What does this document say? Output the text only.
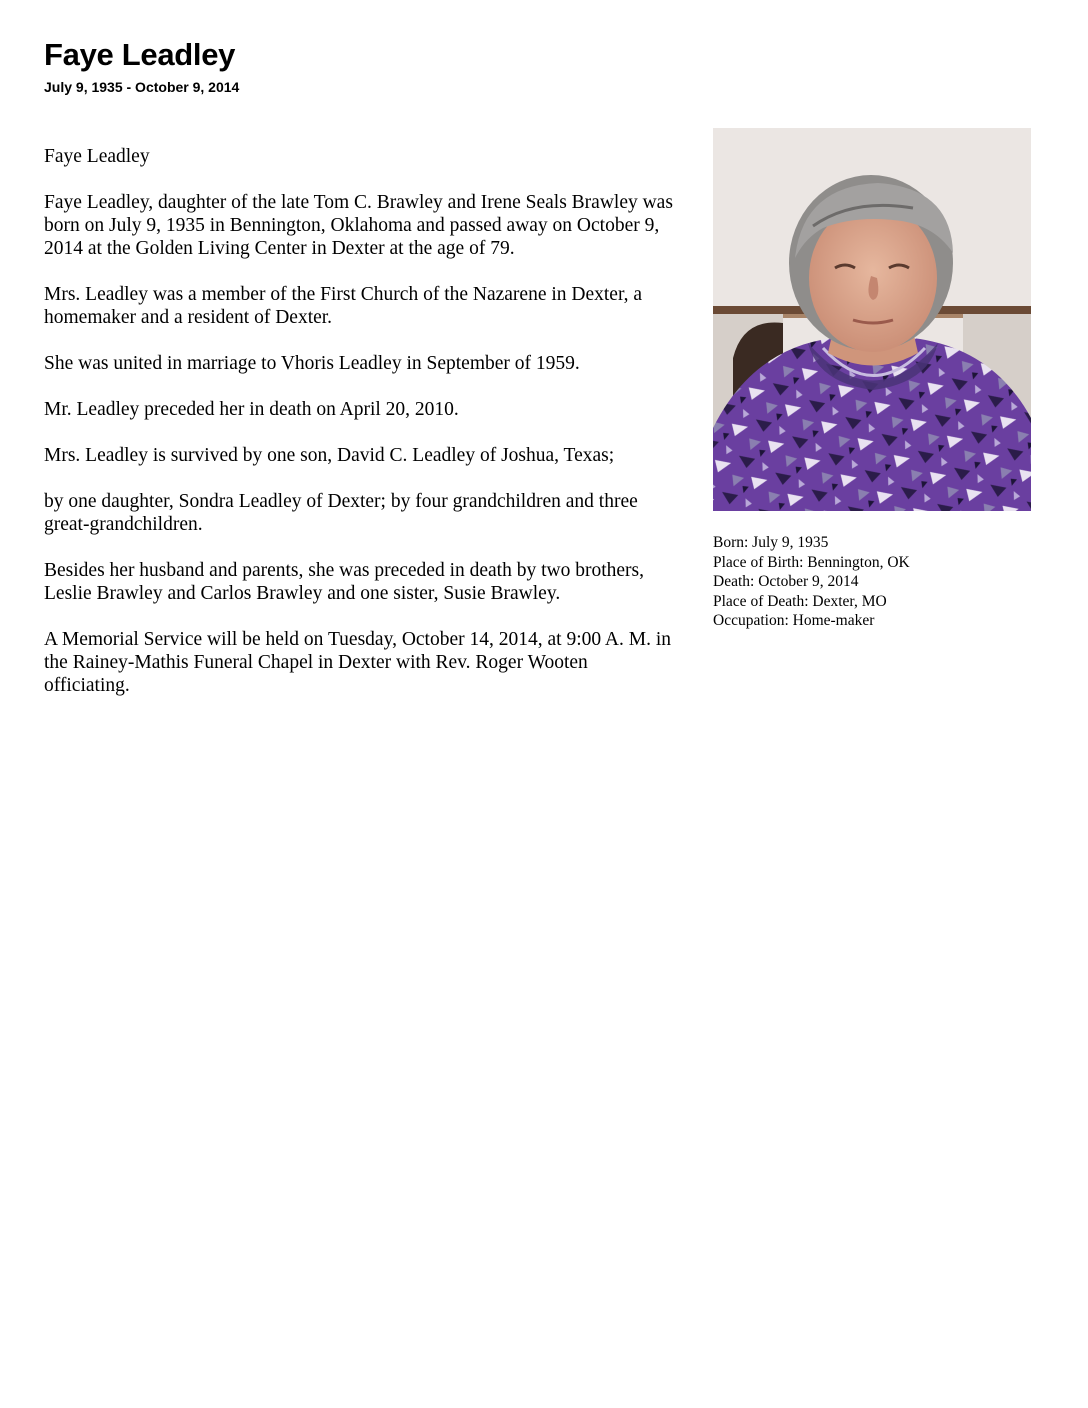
Faye Leadley
July 9, 1935 - October 9, 2014

Faye Leadley

Faye Leadley, daughter of the late Tom C. Brawley and Irene Seals Brawley was born on July 9, 1935 in Bennington, Oklahoma and passed away on October 9, 2014 at the Golden Living Center in Dexter at the age of 79.

Mrs. Leadley was a member of the First Church of the Nazarene in Dexter, a homemaker and a resident of Dexter.

She was united in marriage to Vhoris Leadley in September of 1959.

Mr. Leadley preceded her in death on April 20, 2010.

Mrs. Leadley is survived by one son, David C. Leadley of Joshua, Texas;

by one daughter, Sondra Leadley of Dexter; by four grandchildren and three great-grandchildren.

Besides her husband and parents, she was preceded in death by two brothers, Leslie Brawley and Carlos Brawley and one sister, Susie Brawley.

A Memorial Service will be held on Tuesday, October 14, 2014, at 9:00 A. M. in the Rainey-Mathis Funeral Chapel in Dexter with Rev. Roger Wooten officiating.

Born: July 9, 1935
Place of Birth: Bennington, OK
Death: October 9, 2014
Place of Death: Dexter, MO
Occupation: Home-maker
